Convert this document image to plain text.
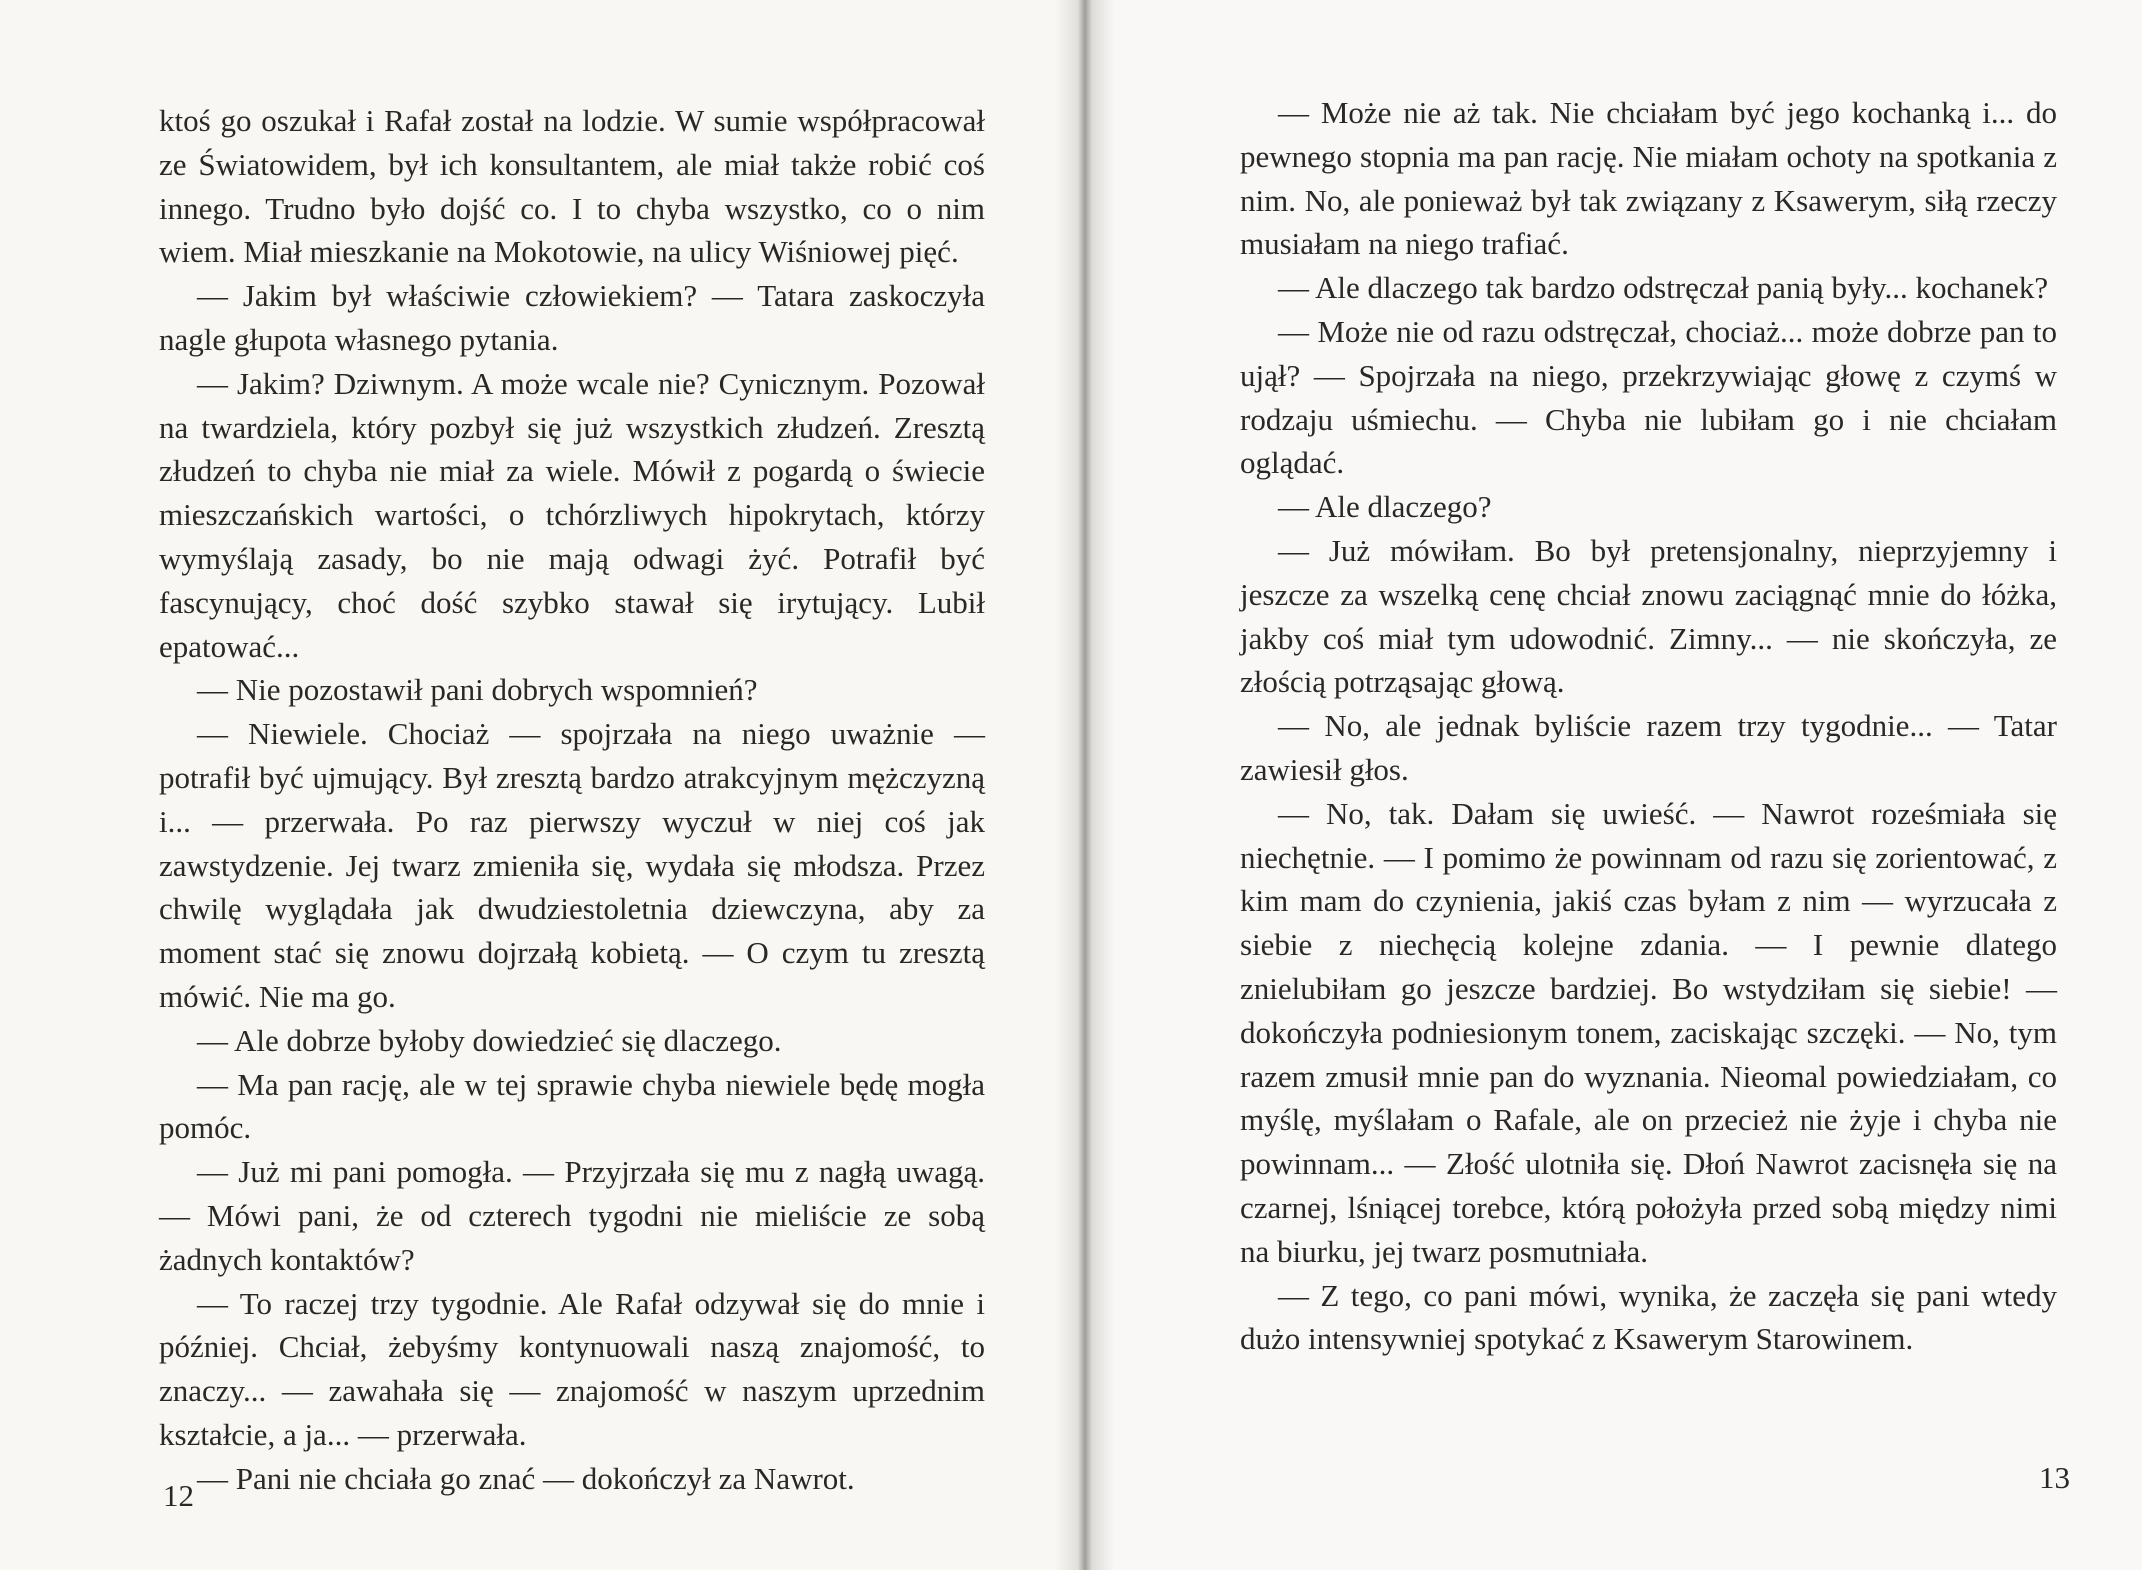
ktoś go oszukał i Rafał został na lodzie. W sumie współpracował ze Światowidem, był ich konsultantem, ale miał także robić coś innego. Trudno było dojść co. I to chyba wszystko, co o nim wiem. Miał mieszkanie na Mokotowie, na ulicy Wiśniowej pięć.

— Jakim był właściwie człowiekiem? — Tatara zaskoczyła nagle głupota własnego pytania.

— Jakim? Dziwnym. A może wcale nie? Cynicznym. Pozował na twardziela, który pozbył się już wszystkich złudzeń. Zresztą złudzeń to chyba nie miał za wiele. Mówił z pogardą o świecie mieszczańskich wartości, o tchórzliwych hipokrytach, którzy wymyślają zasady, bo nie mają odwagi żyć. Potrafił być fascynujący, choć dość szybko stawał się irytujący. Lubił epatować...

— Nie pozostawił pani dobrych wspomnień?

— Niewiele. Chociaż — spojrzała na niego uważnie — potrafił być ujmujący. Był zresztą bardzo atrakcyjnym mężczyzną i... — przerwała. Po raz pierwszy wyczuł w niej coś jak zawstydzenie. Jej twarz zmieniła się, wydała się młodsza. Przez chwilę wyglądała jak dwudziestoletnia dziewczyna, aby za moment stać się znowu dojrzałą kobietą. — O czym tu zresztą mówić. Nie ma go.

— Ale dobrze byłoby dowiedzieć się dlaczego.

— Ma pan rację, ale w tej sprawie chyba niewiele będę mogła pomóc.

— Już mi pani pomogła. — Przyjrzała się mu z nagłą uwagą. — Mówi pani, że od czterech tygodni nie mieliście ze sobą żadnych kontaktów?

— To raczej trzy tygodnie. Ale Rafał odzywał się do mnie i później. Chciał, żebyśmy kontynuowali naszą znajomość, to znaczy... — zawahała się — znajomość w naszym uprzednim kształcie, a ja... — przerwała.

— Pani nie chciała go znać — dokończył za Nawrot.

12

— Może nie aż tak. Nie chciałam być jego kochanką i... do pewnego stopnia ma pan rację. Nie miałam ochoty na spotkania z nim. No, ale ponieważ był tak związany z Ksawerym, siłą rzeczy musiałam na niego trafiać.

— Ale dlaczego tak bardzo odstręczał panią były... kochanek?

— Może nie od razu odstręczał, chociaż... może dobrze pan to ujął? — Spojrzała na niego, przekrzywiając głowę z czymś w rodzaju uśmiechu. — Chyba nie lubiłam go i nie chciałam oglądać.

— Ale dlaczego?

— Już mówiłam. Bo był pretensjonalny, nieprzyjemny i jeszcze za wszelką cenę chciał znowu zaciągnąć mnie do łóżka, jakby coś miał tym udowodnić. Zimny... — nie skończyła, ze złością potrząsając głową.

— No, ale jednak byliście razem trzy tygodnie... — Tatar zawiesił głos.

— No, tak. Dałam się uwieść. — Nawrot roześmiała się niechętnie. — I pomimo że powinnam od razu się zorientować, z kim mam do czynienia, jakiś czas byłam z nim — wyrzucała z siebie z niechęcią kolejne zdania. — I pewnie dlatego znielubiłam go jeszcze bardziej. Bo wstydziłam się siebie! — dokończyła podniesionym tonem, zaciskając szczęki. — No, tym razem zmusił mnie pan do wyznania. Nieomal powiedziałam, co myślę, myślałam o Rafale, ale on przecież nie żyje i chyba nie powinnam... — Złość ulotniła się. Dłoń Nawrot zacisnęła się na czarnej, lśniącej torebce, którą położyła przed sobą między nimi na biurku, jej twarz posmutniała.

— Z tego, co pani mówi, wynika, że zaczęła się pani wtedy dużo intensywniej spotykać z Ksawerym Starowinem.

13
